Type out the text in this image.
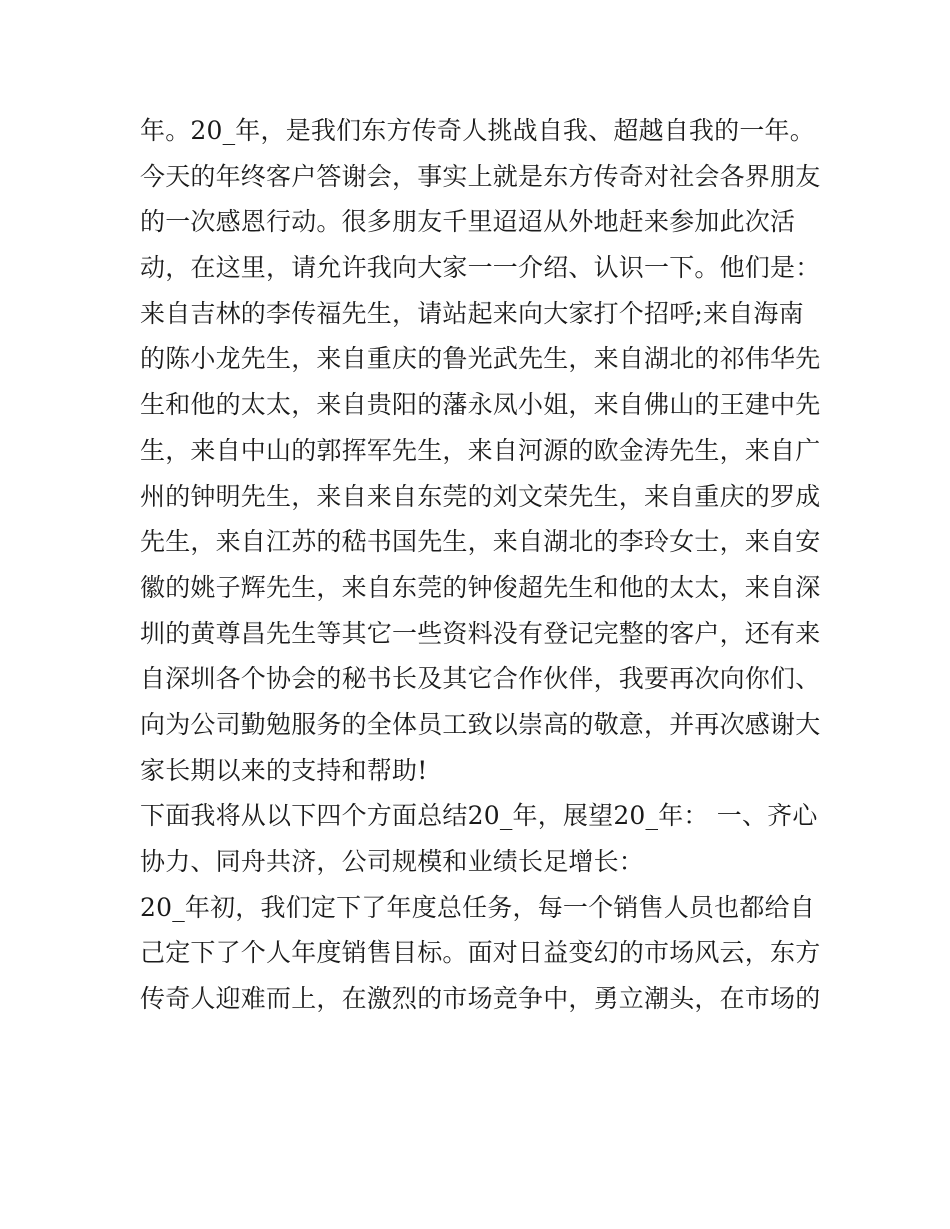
年。20_年，是我们东方传奇人挑战自我、超越自我的一年。
今天的年终客户答谢会，事实上就是东方传奇对社会各界朋友
的一次感恩行动。很多朋友千里迢迢从外地赶来参加此次活
动，在这里，请允许我向大家一一介绍、认识一下。他们是：
来自吉林的李传福先生，请站起来向大家打个招呼;来自海南
的陈小龙先生，来自重庆的鲁光武先生，来自湖北的祁伟华先
生和他的太太，来自贵阳的藩永凤小姐，来自佛山的王建中先
生，来自中山的郭挥军先生，来自河源的欧金涛先生，来自广
州的钟明先生，来自来自东莞的刘文荣先生，来自重庆的罗成
先生，来自江苏的嵇书国先生，来自湖北的李玲女士，来自安
徽的姚子辉先生，来自东莞的钟俊超先生和他的太太，来自深
圳的黄尊昌先生等其它一些资料没有登记完整的客户，还有来
自深圳各个协会的秘书长及其它合作伙伴，我要再次向你们、
向为公司勤勉服务的全体员工致以崇高的敬意，并再次感谢大
家长期以来的支持和帮助!
下面我将从以下四个方面总结20_年，展望20_年： 一、齐心
协力、同舟共济，公司规模和业绩长足增长：
20_年初，我们定下了年度总任务，每一个销售人员也都给自
己定下了个人年度销售目标。面对日益变幻的市场风云，东方
传奇人迎难而上，在激烈的市场竞争中，勇立潮头，在市场的
